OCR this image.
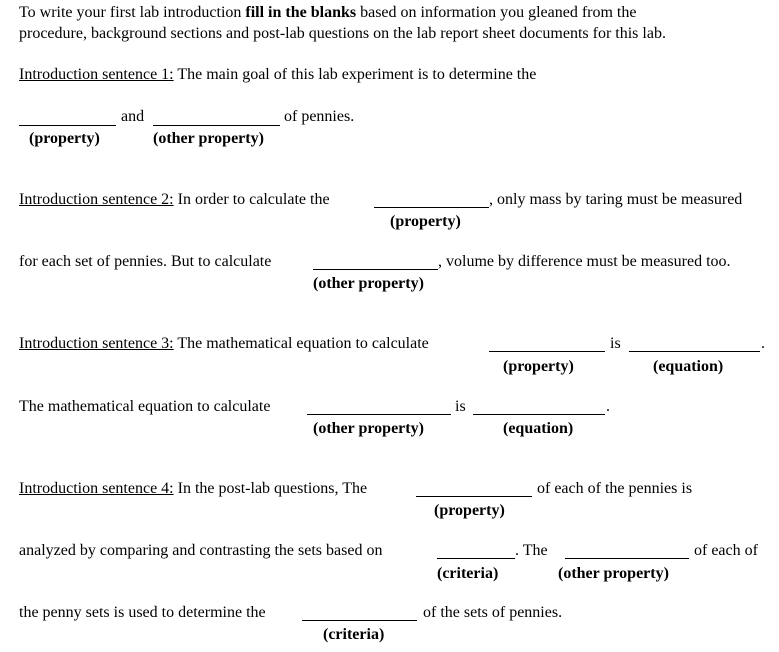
To write your first lab introduction fill in the blanks based on information you gleaned from the
procedure, background sections and post-lab questions on the lab report sheet documents for this lab.
Introduction sentence 1: The main goal of this lab experiment is to determine the
and	of pennies.
(property)	(other property)
Introduction sentence 2: In order to calculate the	, only mass by taring must be measured
(property)
for each set of pennies. But to calculate	, volume by difference must be measured too.
(other property)
Introduction sentence 3: The mathematical equation to calculate	is	.
(property)	(equation)
The mathematical equation to calculate	is	.
(other property)	(equation)
Introduction sentence 4: In the post-lab questions, The	of each of the pennies is
(property)
analyzed by comparing and contrasting the sets based on	. The	of each of
(criteria)	(other property)
the penny sets is used to determine the	of the sets of pennies.
(criteria)
